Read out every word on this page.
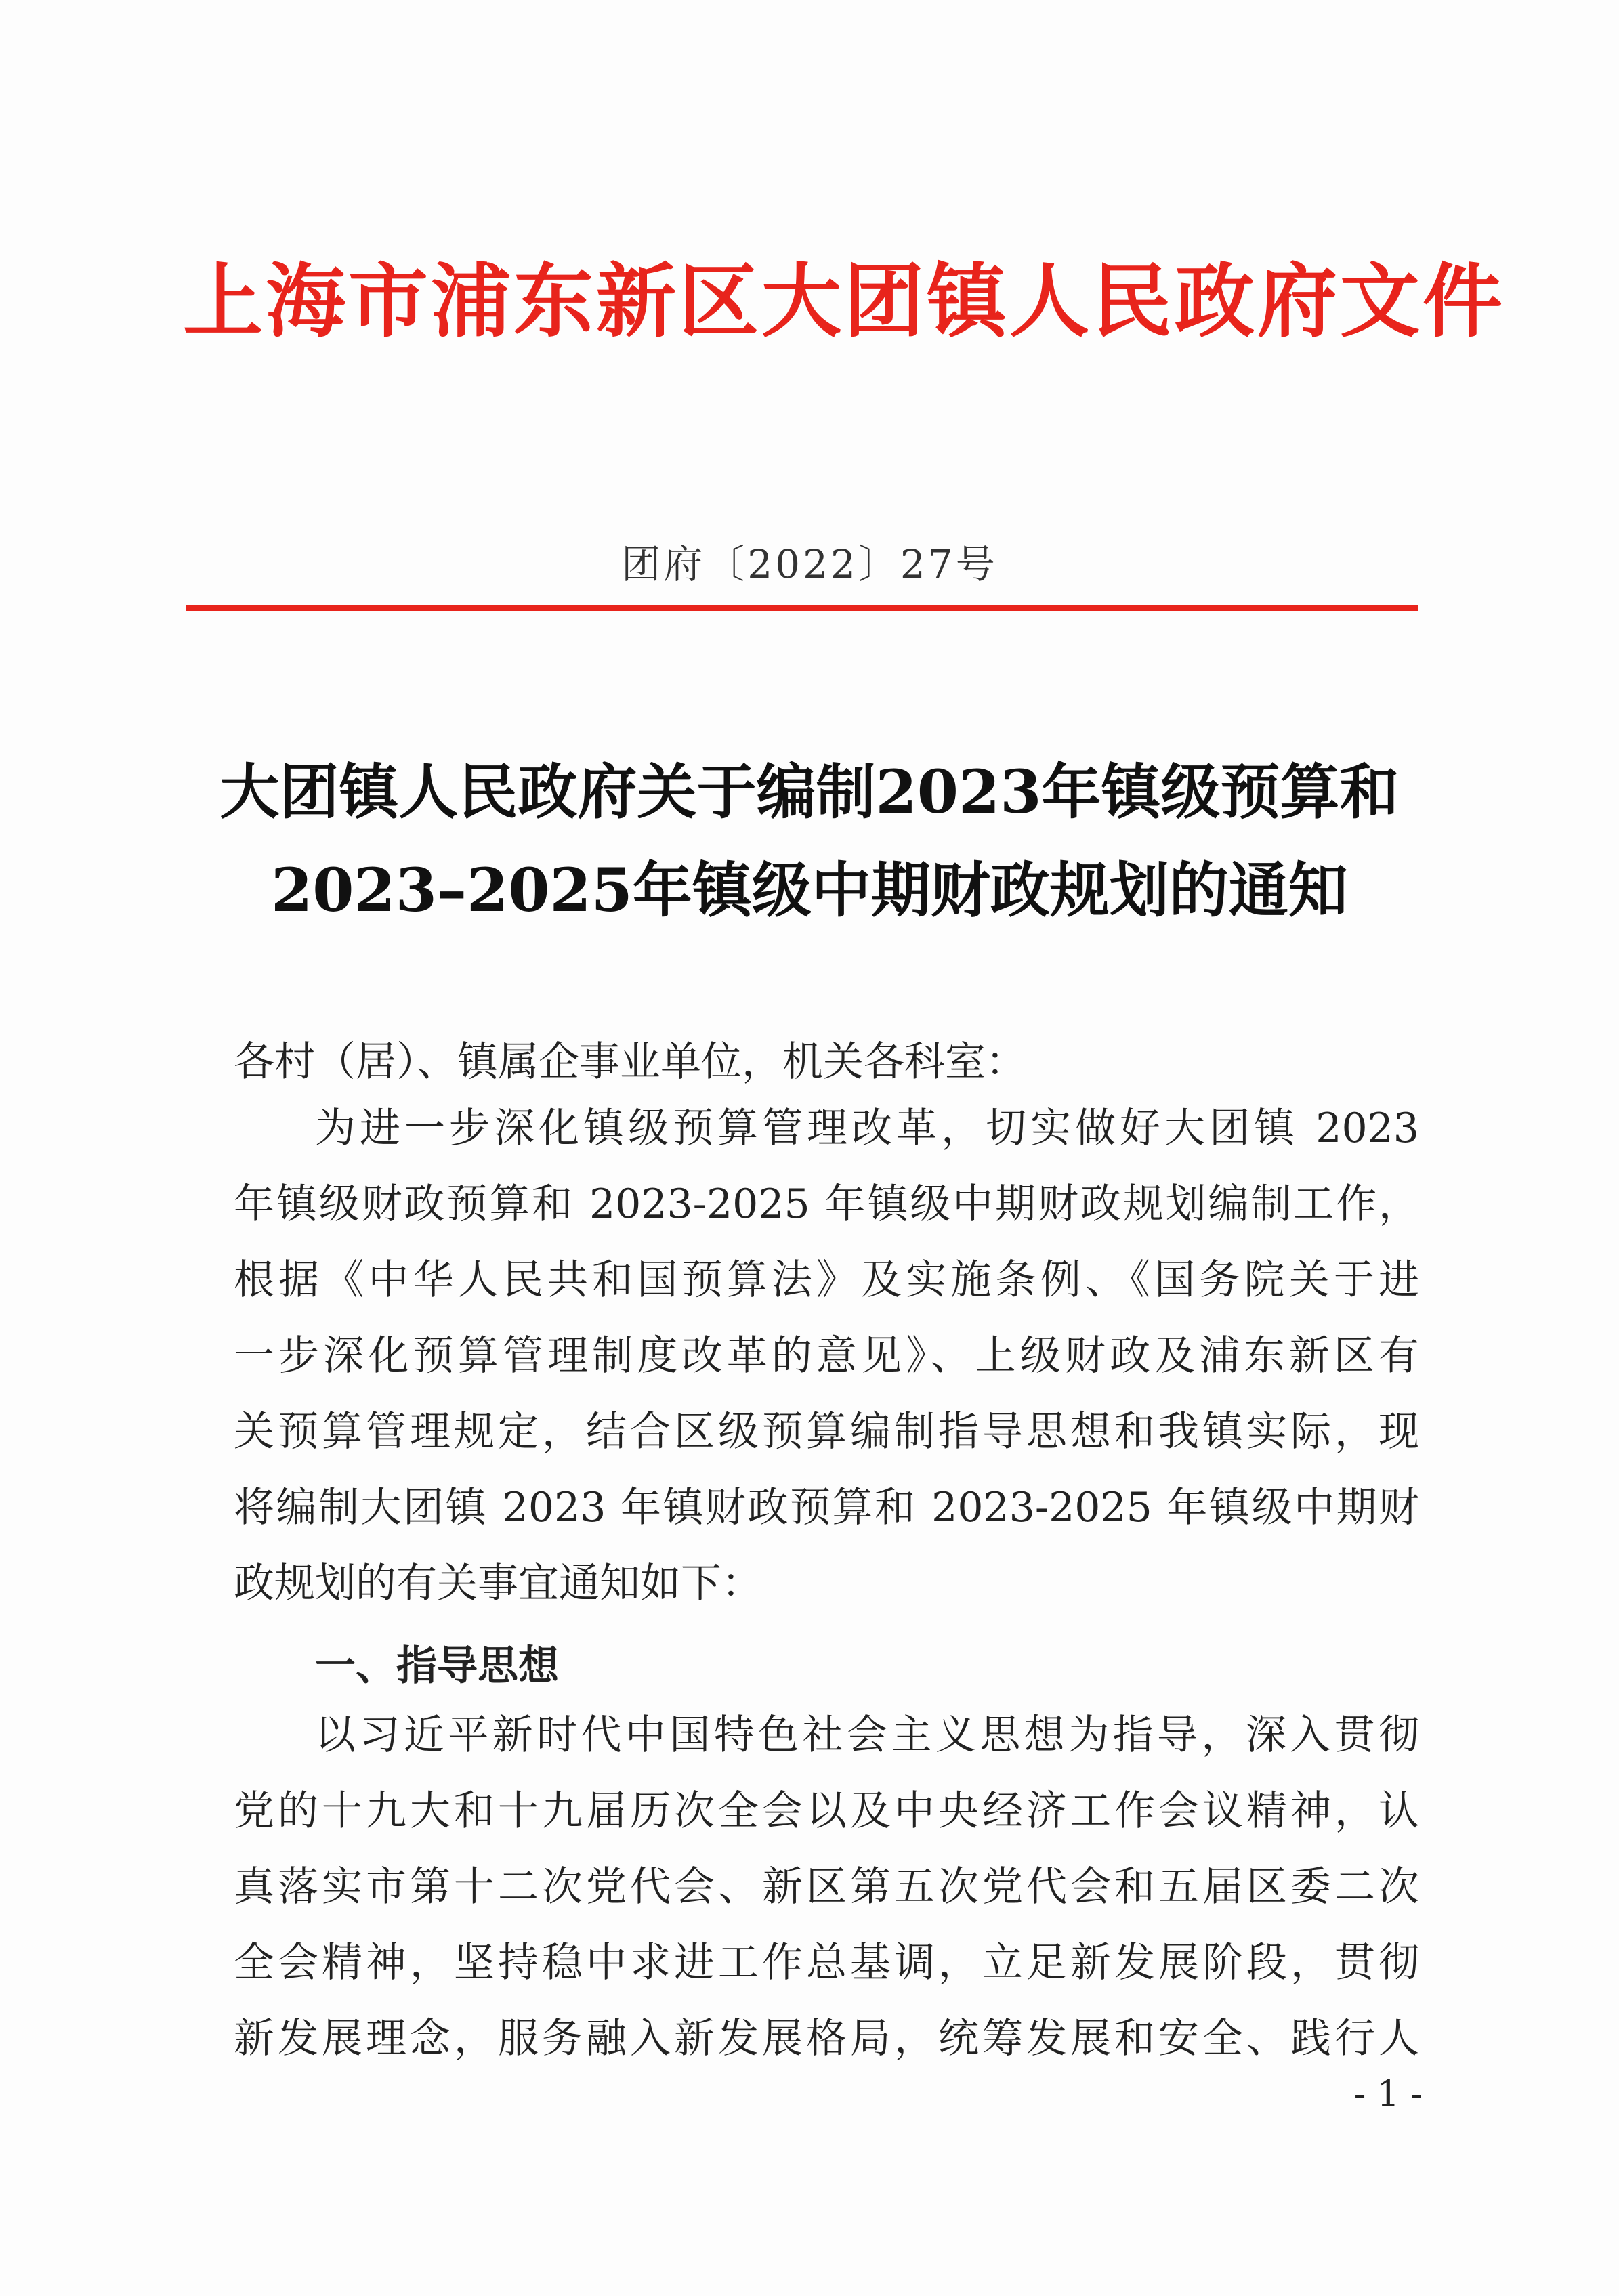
上海市浦东新区大团镇人民政府文件
团府〔2022〕27号
大团镇人民政府关于编制2023年镇级预算和
2023–2025年镇级中期财政规划的通知
各村（居）、镇属企事业单位，机关各科室：
为进一步深化镇级预算管理改革，切实做好大团镇 2023
年镇级财政预算和 2023-2025 年镇级中期财政规划编制工作，
根据《中华人民共和国预算法》及实施条例、《国务院关于进
一步深化预算管理制度改革的意见》、上级财政及浦东新区有
关预算管理规定，结合区级预算编制指导思想和我镇实际，现
将编制大团镇 2023 年镇财政预算和 2023-2025 年镇级中期财
政规划的有关事宜通知如下：
一、指导思想
以习近平新时代中国特色社会主义思想为指导，深入贯彻
党的十九大和十九届历次全会以及中央经济工作会议精神，认
真落实市第十二次党代会、新区第五次党代会和五届区委二次
全会精神，坚持稳中求进工作总基调，立足新发展阶段，贯彻
新发展理念，服务融入新发展格局，统筹发展和安全、践行人
- 1 -
